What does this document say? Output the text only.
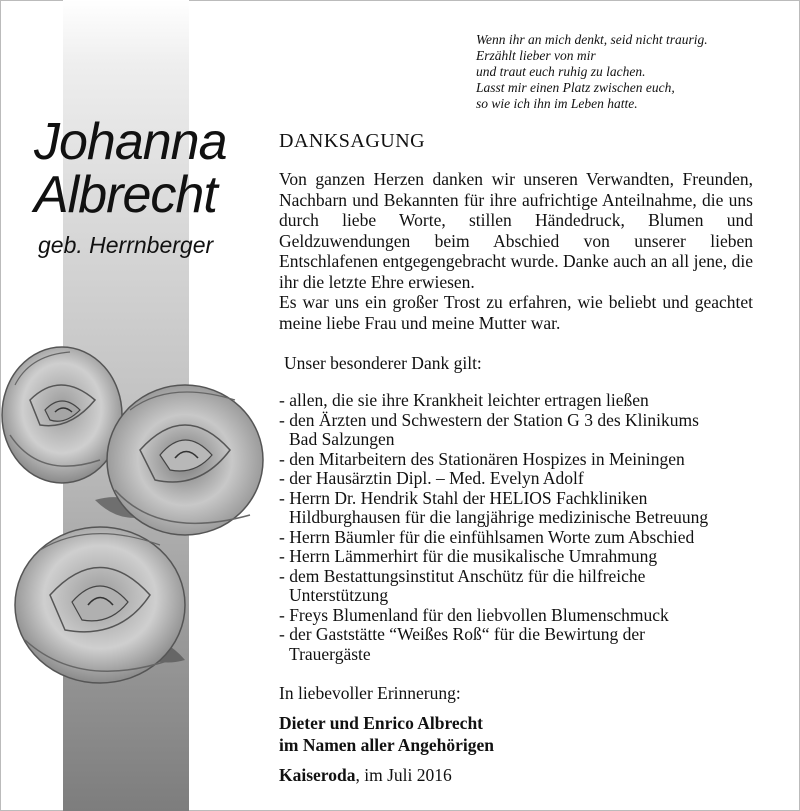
Johanna
Albrecht
geb. Herrnberger
Wenn ihr an mich denkt, seid nicht traurig.
Erzählt lieber von mir
und traut euch ruhig zu lachen.
Lasst mir einen Platz zwischen euch,
so wie ich ihn im Leben hatte.
DANKSAGUNG

Von ganzen Herzen danken wir unseren Verwandten, Freunden, Nachbarn und Bekannten für ihre aufrichtige Anteilnahme, die uns durch liebe Worte, stillen Händedruck, Blumen und Geldzuwendungen beim Abschied von unserer lieben Entschlafenen entgegengebracht wurde. Danke auch an all jene, die ihr die letzte Ehre erwiesen.

Es war uns ein großer Trost zu erfahren, wie beliebt und geachtet meine liebe Frau und meine Mutter war.

Unser besonderer Dank gilt:
- allen, die sie ihre Krankheit leichter ertragen ließen
- den Ärzten und Schwestern der Station G 3 des Klinikums
Bad Salzungen
- den Mitarbeitern des Stationären Hospizes in Meiningen
- der Hausärztin Dipl. – Med. Evelyn Adolf
- Herrn Dr. Hendrik Stahl der HELIOS Fachkliniken
Hildburghausen für die langjährige medizinische Betreuung
- Herrn Bäumler für die einfühlsamen Worte zum Abschied
- Herrn Lämmerhirt für die musikalische Umrahmung
- dem Bestattungsinstitut Anschütz für die hilfreiche
Unterstützung
- Freys Blumenland für den liebvollen Blumenschmuck
- der Gaststätte “Weißes Roß“ für die Bewirtung der
Trauergäste
In liebevoller Erinnerung:
Dieter und Enrico Albrecht
im Namen aller Angehörigen
Kaiseroda, im Juli 2016
